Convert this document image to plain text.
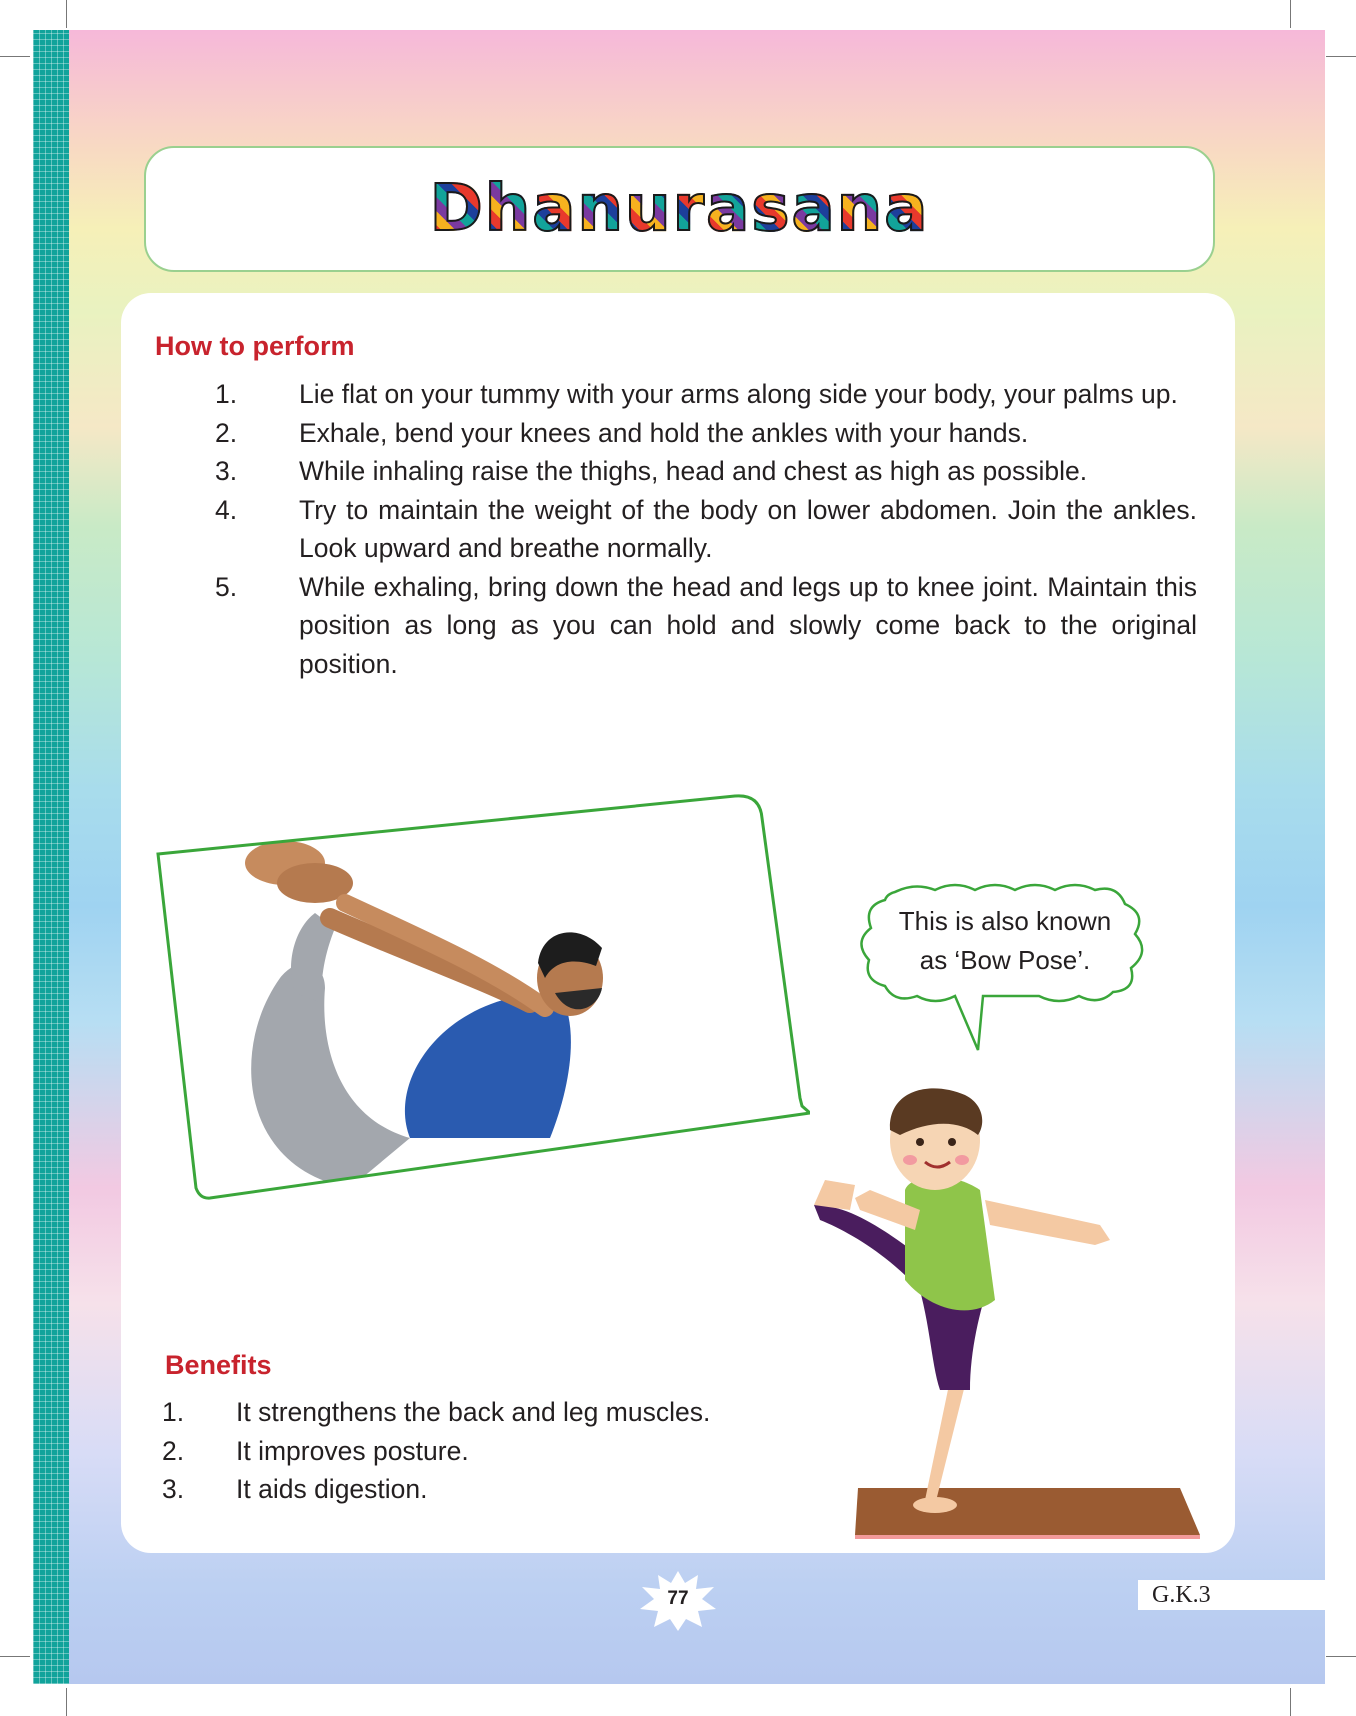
Dhanurasana
How to perform
1.	Lie flat on your tummy with your arms along side your body, your palms up.
2.	Exhale, bend your knees and hold the ankles with your hands.
3.	While inhaling raise the thighs, head and chest as high as possible.
4.	Try to maintain the weight of the body on lower abdomen. Join the ankles. Look upward and breathe normally.
5.	While exhaling, bring down the head and legs up to knee joint. Maintain this position as long as you can hold and slowly come back to the original position.
This is also known
as ‘Bow Pose’.
Benefits
1.	It strengthens the back and leg muscles.
2.	It improves posture.
3.	It aids digestion.
77	G.K.3
